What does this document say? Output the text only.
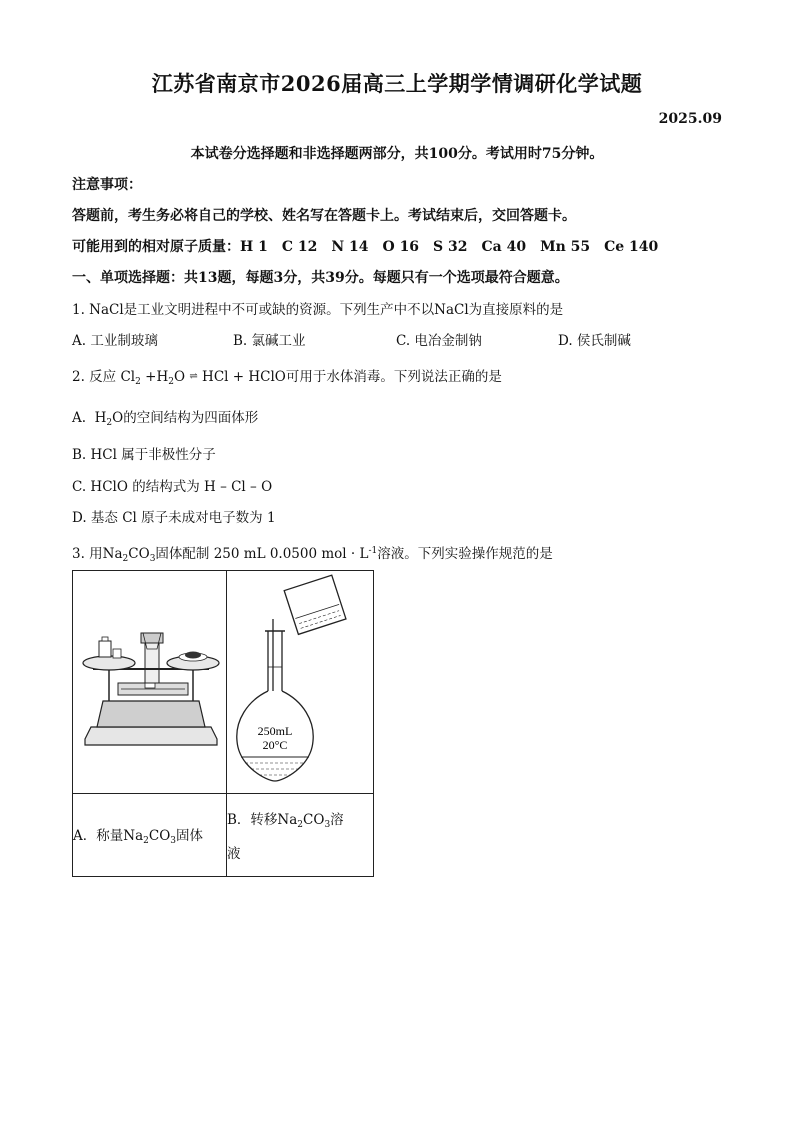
江苏省南京市2026届高三上学期学情调研化学试题
2025.09
本试卷分选择题和非选择题两部分，共100分。考试用时75分钟。
注意事项：
答题前，考生务必将自己的学校、姓名写在答题卡上。考试结束后，交回答题卡。
可能用到的相对原子质量：H 1　C 12　N 14　O 16　S 32　Ca 40　Mn 55　Ce 140
一、单项选择题：共13题，每题3分，共39分。每题只有一个选项最符合题意。
1. NaCl是工业文明进程中不可或缺的资源。下列生产中不以NaCl为直接原料的是
A. 工业制玻璃	B. 氯碱工业	C. 电冶金制钠	D. 侯氏制碱
2. 反应 $Cl_2 +H_2O$ ⇌ HCl + HClO可用于水体消毒。下列说法正确的是
A. $H_2O$的空间结构为四面体形
B. HCl 属于非极性分子
C. HClO 的结构式为 H – Cl – O
D. 基态 Cl 原子未成对电子数为 1
3. 用$Na_2CO_3$固体配制 250 mL 0.0500 mol · $L^{-1}$溶液。下列实验操作规范的是

250mL
20°C

A．称量$Na_2CO_3$固体	B．转移$Na_2CO_3$溶
液
